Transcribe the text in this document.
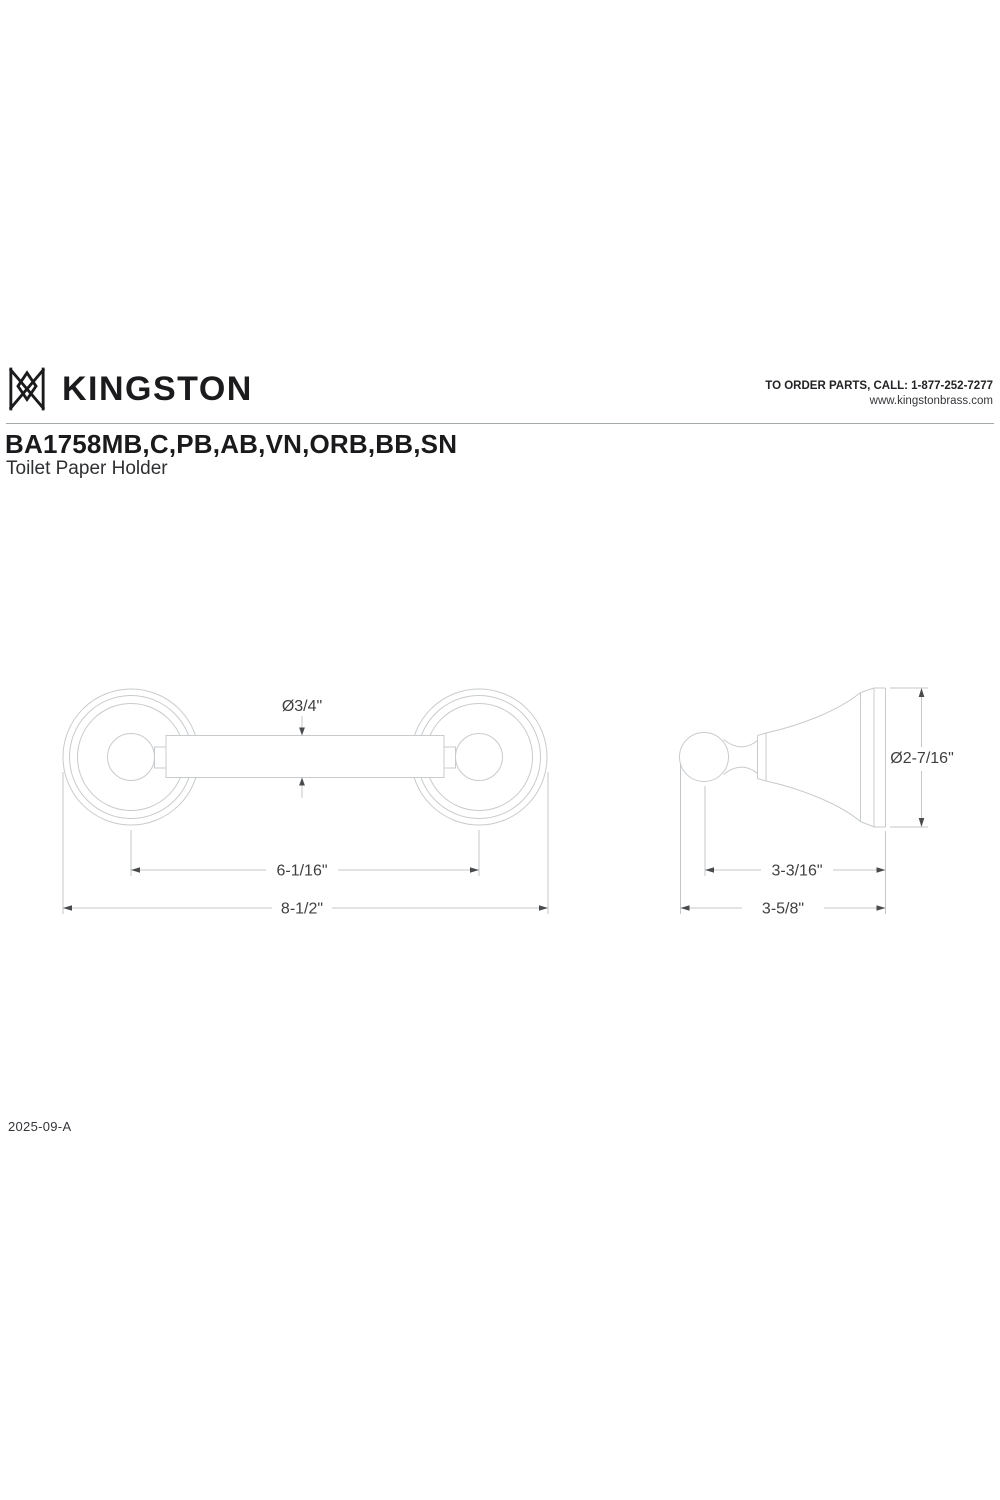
KINGSTON	TO ORDER PARTS, CALL: 1-877-252-7277
www.kingstonbrass.com
BA1758MB,C,PB,AB,VN,ORB,BB,SN
Toilet Paper Holder
Ø3/4"
6-1/16"
8-1/2"
Ø2-7/16"
3-3/16"
3-5/8"
2025-09-A
